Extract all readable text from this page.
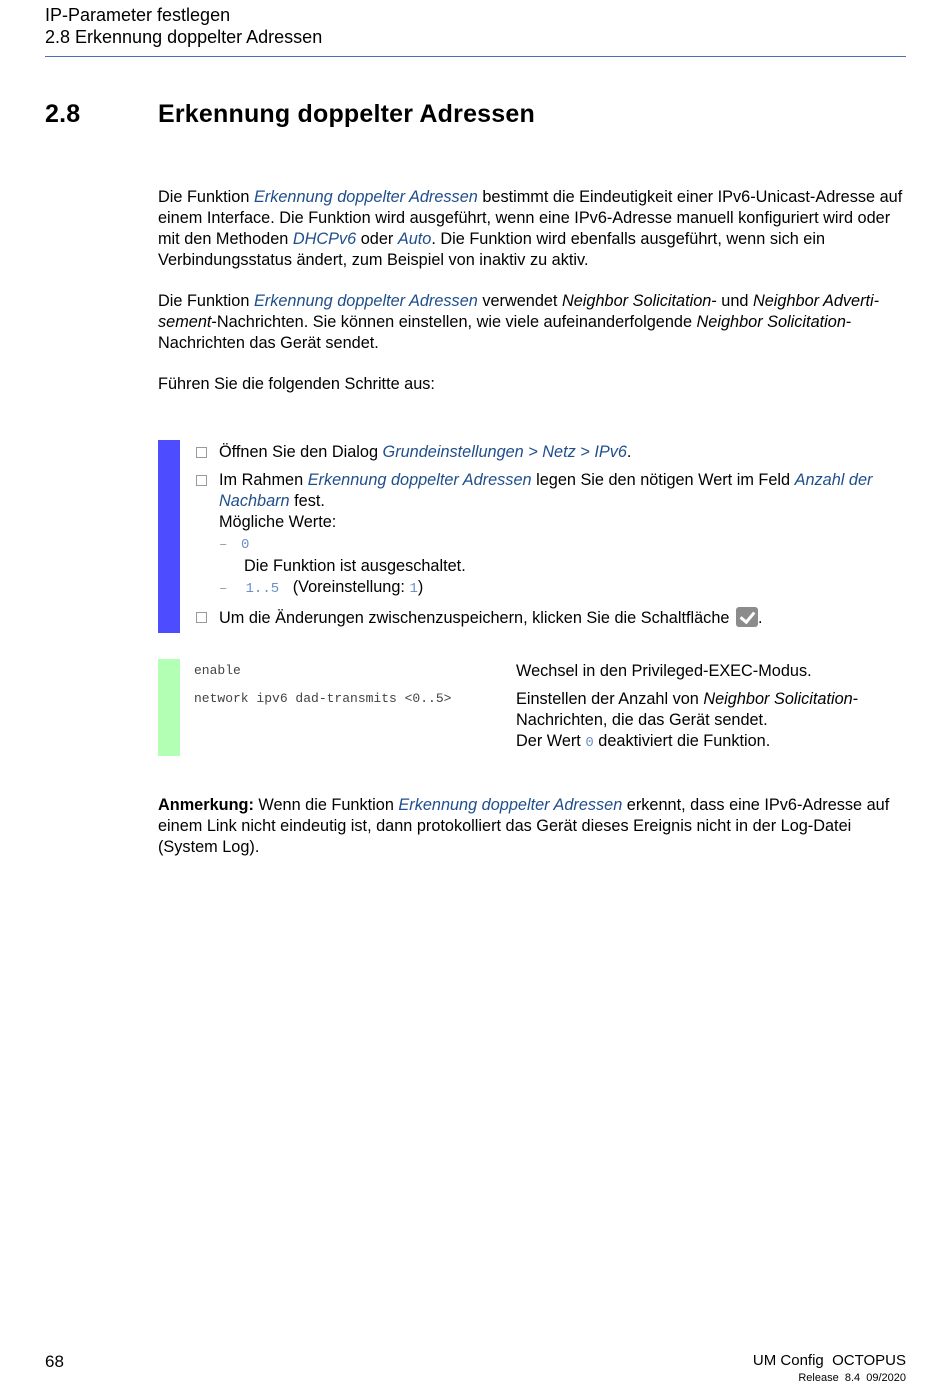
IP-Parameter festlegen
2.8 Erkennung doppelter Adressen
2.8	Erkennung doppelter Adressen
Die Funktion Erkennung doppelter Adressen bestimmt die Eindeutigkeit einer IPv6-Unicast-Adresse auf einem Interface. Die Funktion wird ausgeführt, wenn eine IPv6-Adresse manuell konfiguriert wird oder mit den Methoden DHCPv6 oder Auto. Die Funktion wird ebenfalls ausgeführt, wenn sich ein Verbindungsstatus ändert, zum Beispiel von inaktiv zu aktiv.
Die Funktion Erkennung doppelter Adressen verwendet Neighbor Solicitation- und Neighbor Adverti-sement-Nachrichten. Sie können einstellen, wie viele aufeinanderfolgende Neighbor Solicitation-Nachrichten das Gerät sendet.
Führen Sie die folgenden Schritte aus:
Öffnen Sie den Dialog Grundeinstellungen > Netz > IPv6.
Im Rahmen Erkennung doppelter Adressen legen Sie den nötigen Wert im Feld Anzahl der Nachbarn fest.
Mögliche Werte:
– 0
Die Funktion ist ausgeschaltet.
– 1..5 (Voreinstellung: 1)
Um die Änderungen zwischenzuspeichern, klicken Sie die Schaltfläche .
enable	Wechsel in den Privileged-EXEC-Modus.
network ipv6 dad-transmits <0..5>	Einstellen der Anzahl von Neighbor Solicitation-Nachrichten, die das Gerät sendet.
Der Wert 0 deaktiviert die Funktion.
Anmerkung: Wenn die Funktion Erkennung doppelter Adressen erkennt, dass eine IPv6-Adresse auf einem Link nicht eindeutig ist, dann protokolliert das Gerät dieses Ereignis nicht in der Log-Datei (System Log).
68	UM Config  OCTOPUS
Release  8.4  09/2020
